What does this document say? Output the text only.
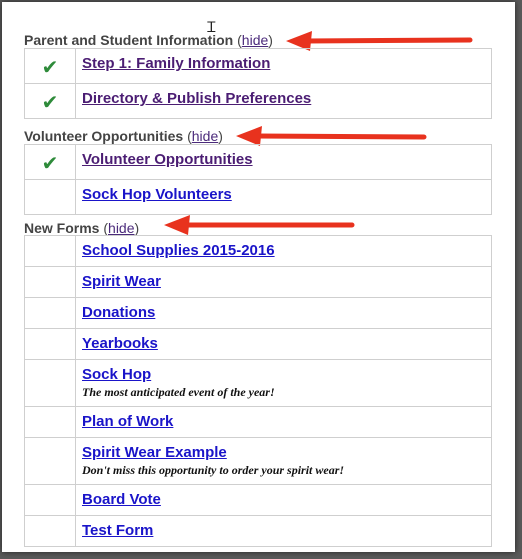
Ꮖ
Parent and Student Information (hide)
✔	Step 1: Family Information
✔	Directory & Publish Preferences
Volunteer Opportunities (hide)
✔	Volunteer Opportunities
	Sock Hop Volunteers
New Forms (hide)
	School Supplies 2015-2016
	Spirit Wear
	Donations
	Yearbooks
	Sock Hop
The most anticipated event of the year!

	Plan of Work
	Spirit Wear Example
Don't miss this opportunity to order your spirit wear!

	Board Vote
	Test Form
